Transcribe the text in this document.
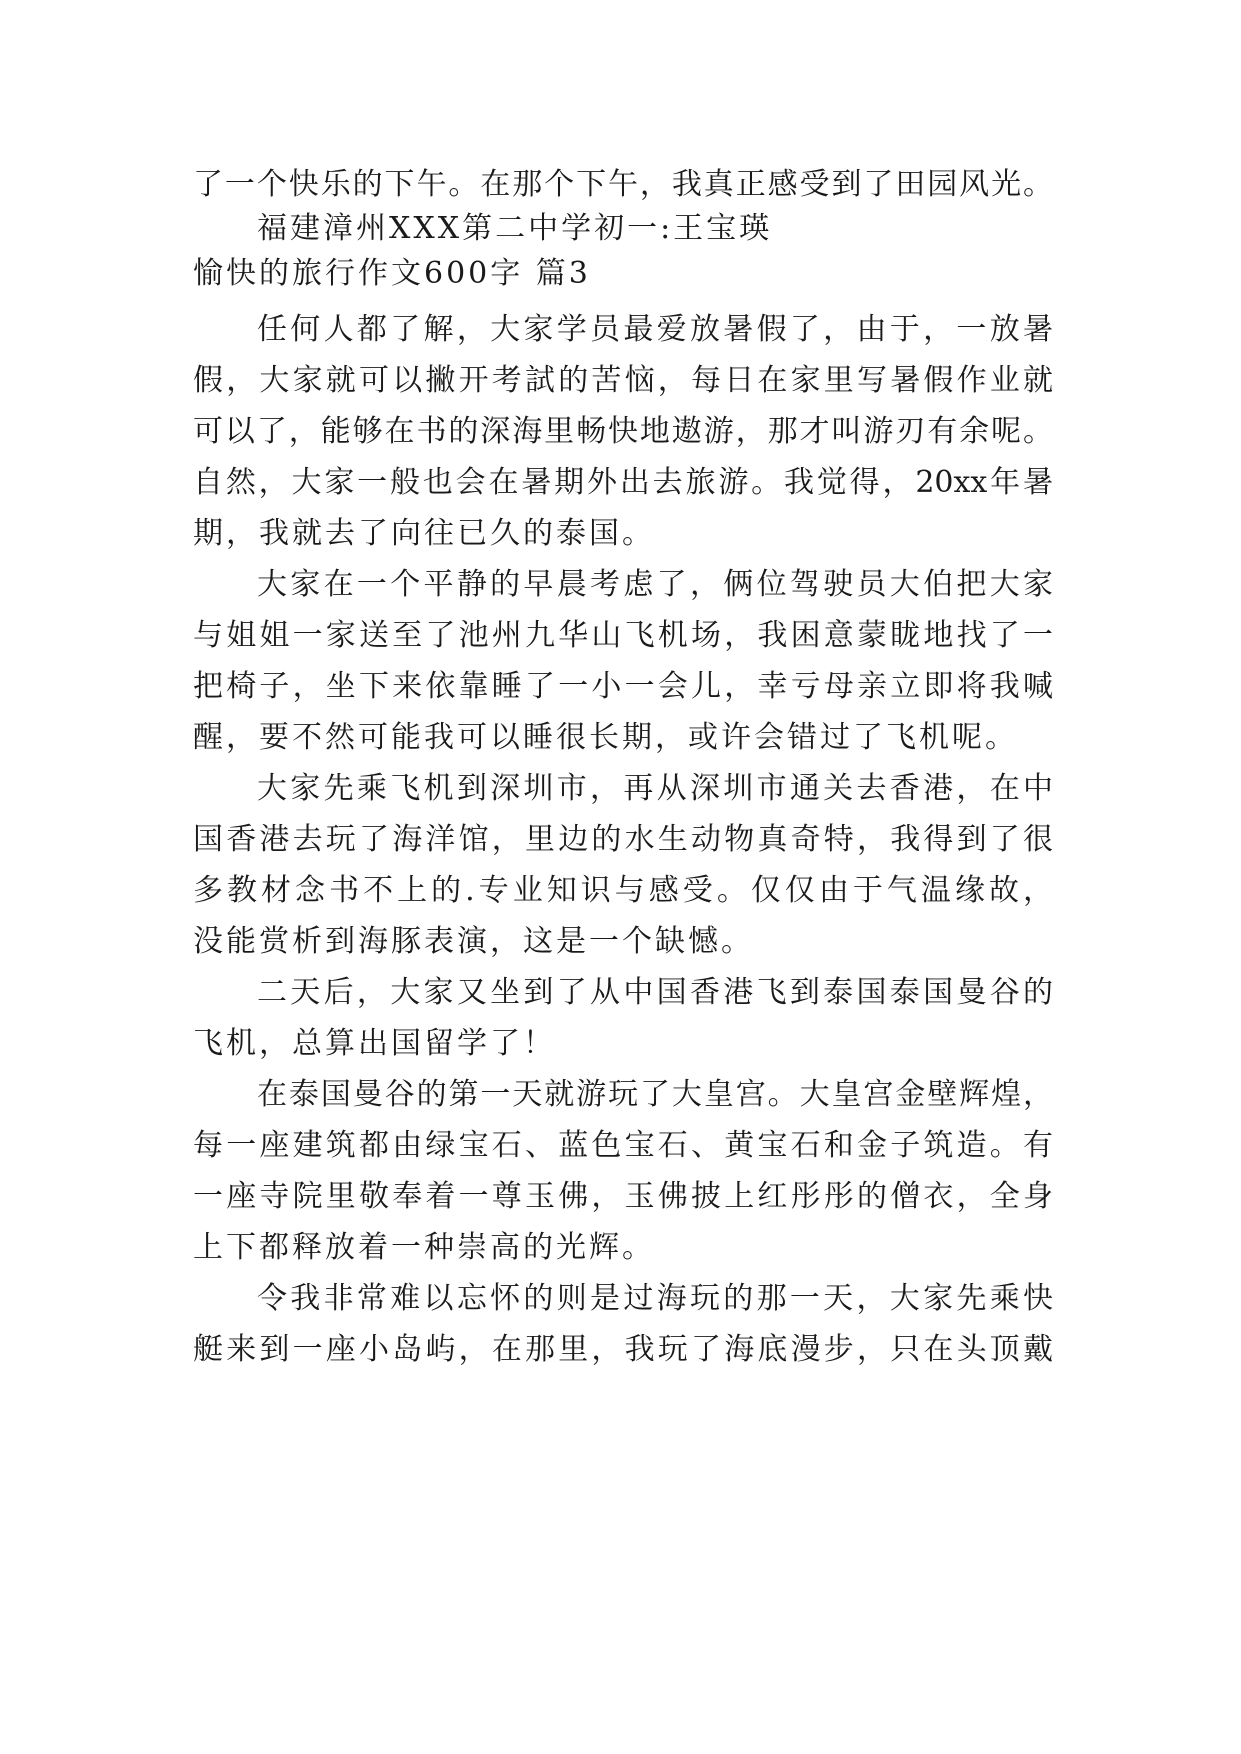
了一个快乐的下午。在那个下午，我真正感受到了田园风光。
福建漳州XXX第二中学初一:王宝瑛
愉快的旅行作文600字 篇3
任何人都了解，大家学员最爱放暑假了，由于，一放暑
假，大家就可以撇开考試的苦恼，每日在家里写暑假作业就
可以了，能够在书的深海里畅快地遨游，那才叫游刃有余呢。
自然，大家一般也会在暑期外出去旅游。我觉得，20xx年暑
期，我就去了向往已久的泰国。
大家在一个平静的早晨考虑了，俩位驾驶员大伯把大家
与姐姐一家送至了池州九华山飞机场，我困意蒙眬地找了一
把椅子，坐下来依靠睡了一小一会儿，幸亏母亲立即将我喊
醒，要不然可能我可以睡很长期，或许会错过了飞机呢。
大家先乘飞机到深圳市，再从深圳市通关去香港，在中
国香港去玩了海洋馆，里边的水生动物真奇特，我得到了很
多教材念书不上的.专业知识与感受。仅仅由于气温缘故，
没能赏析到海豚表演，这是一个缺憾。
二天后，大家又坐到了从中国香港飞到泰国泰国曼谷的
飞机，总算出国留学了！
在泰国曼谷的第一天就游玩了大皇宫。大皇宫金壁辉煌，
每一座建筑都由绿宝石、蓝色宝石、黄宝石和金子筑造。有
一座寺院里敬奉着一尊玉佛，玉佛披上红彤彤的僧衣，全身
上下都释放着一种崇高的光辉。
令我非常难以忘怀的则是过海玩的那一天，大家先乘快
艇来到一座小岛屿，在那里，我玩了海底漫步，只在头顶戴
